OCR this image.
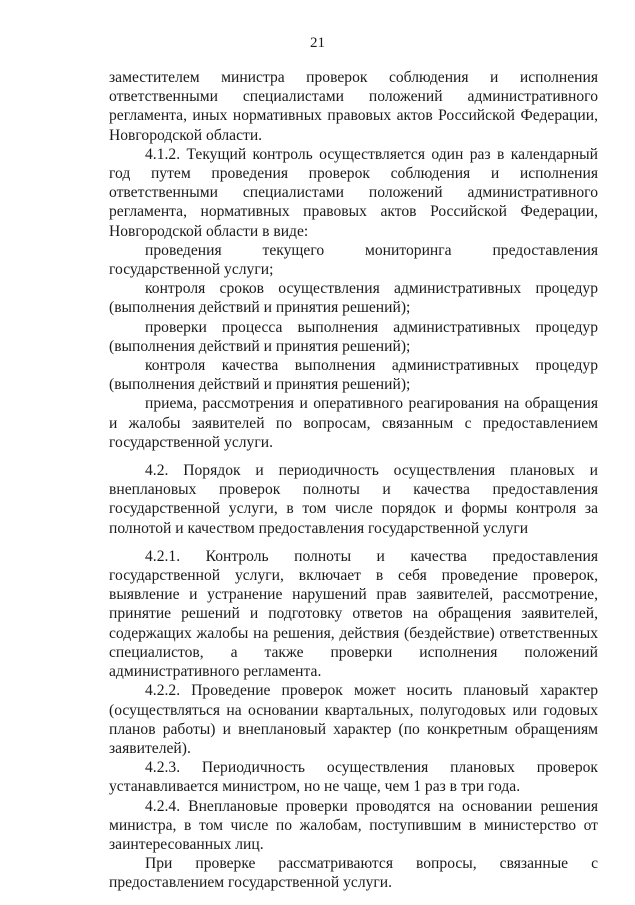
21

заместителем министра проверок соблюдения и исполнения ответственными специалистами положений административного регламента, иных нормативных правовых актов Российской Федерации, Новгородской области.

4.1.2. Текущий контроль осуществляется один раз в календарный год путем проведения проверок соблюдения и исполнения ответственными специалистами положений административного регламента, нормативных правовых актов Российской Федерации, Новгородской области в виде:

проведения текущего мониторинга предоставления государственной услуги;

контроля сроков осуществления административных процедур (выполнения действий и принятия решений);

проверки процесса выполнения административных процедур (выполнения действий и принятия решений);

контроля качества выполнения административных процедур (выполнения действий и принятия решений);

приема, рассмотрения и оперативного реагирования на обращения и жалобы заявителей по вопросам, связанным с предоставлением государственной услуги.

4.2. Порядок и периодичность осуществления плановых и внеплановых проверок полноты и качества предоставления государственной услуги, в том числе порядок и формы контроля за полнотой и качеством предоставления государственной услуги

4.2.1. Контроль полноты и качества предоставления государственной услуги, включает в себя проведение проверок, выявление и устранение нарушений прав заявителей, рассмотрение, принятие решений и подготовку ответов на обращения заявителей, содержащих жалобы на решения, действия (бездействие) ответственных специалистов, а также проверки исполнения положений административного регламента.

4.2.2. Проведение проверок может носить плановый характер (осуществляться на основании квартальных, полугодовых или годовых планов работы) и внеплановый характер (по конкретным обращениям заявителей).

4.2.3. Периодичность осуществления плановых проверок устанавливается министром, но не чаще, чем 1 раз в три года.

4.2.4. Внеплановые проверки проводятся на основании решения министра, в том числе по жалобам, поступившим в министерство от заинтересованных лиц.

При проверке рассматриваются вопросы, связанные с предоставлением государственной услуги.
